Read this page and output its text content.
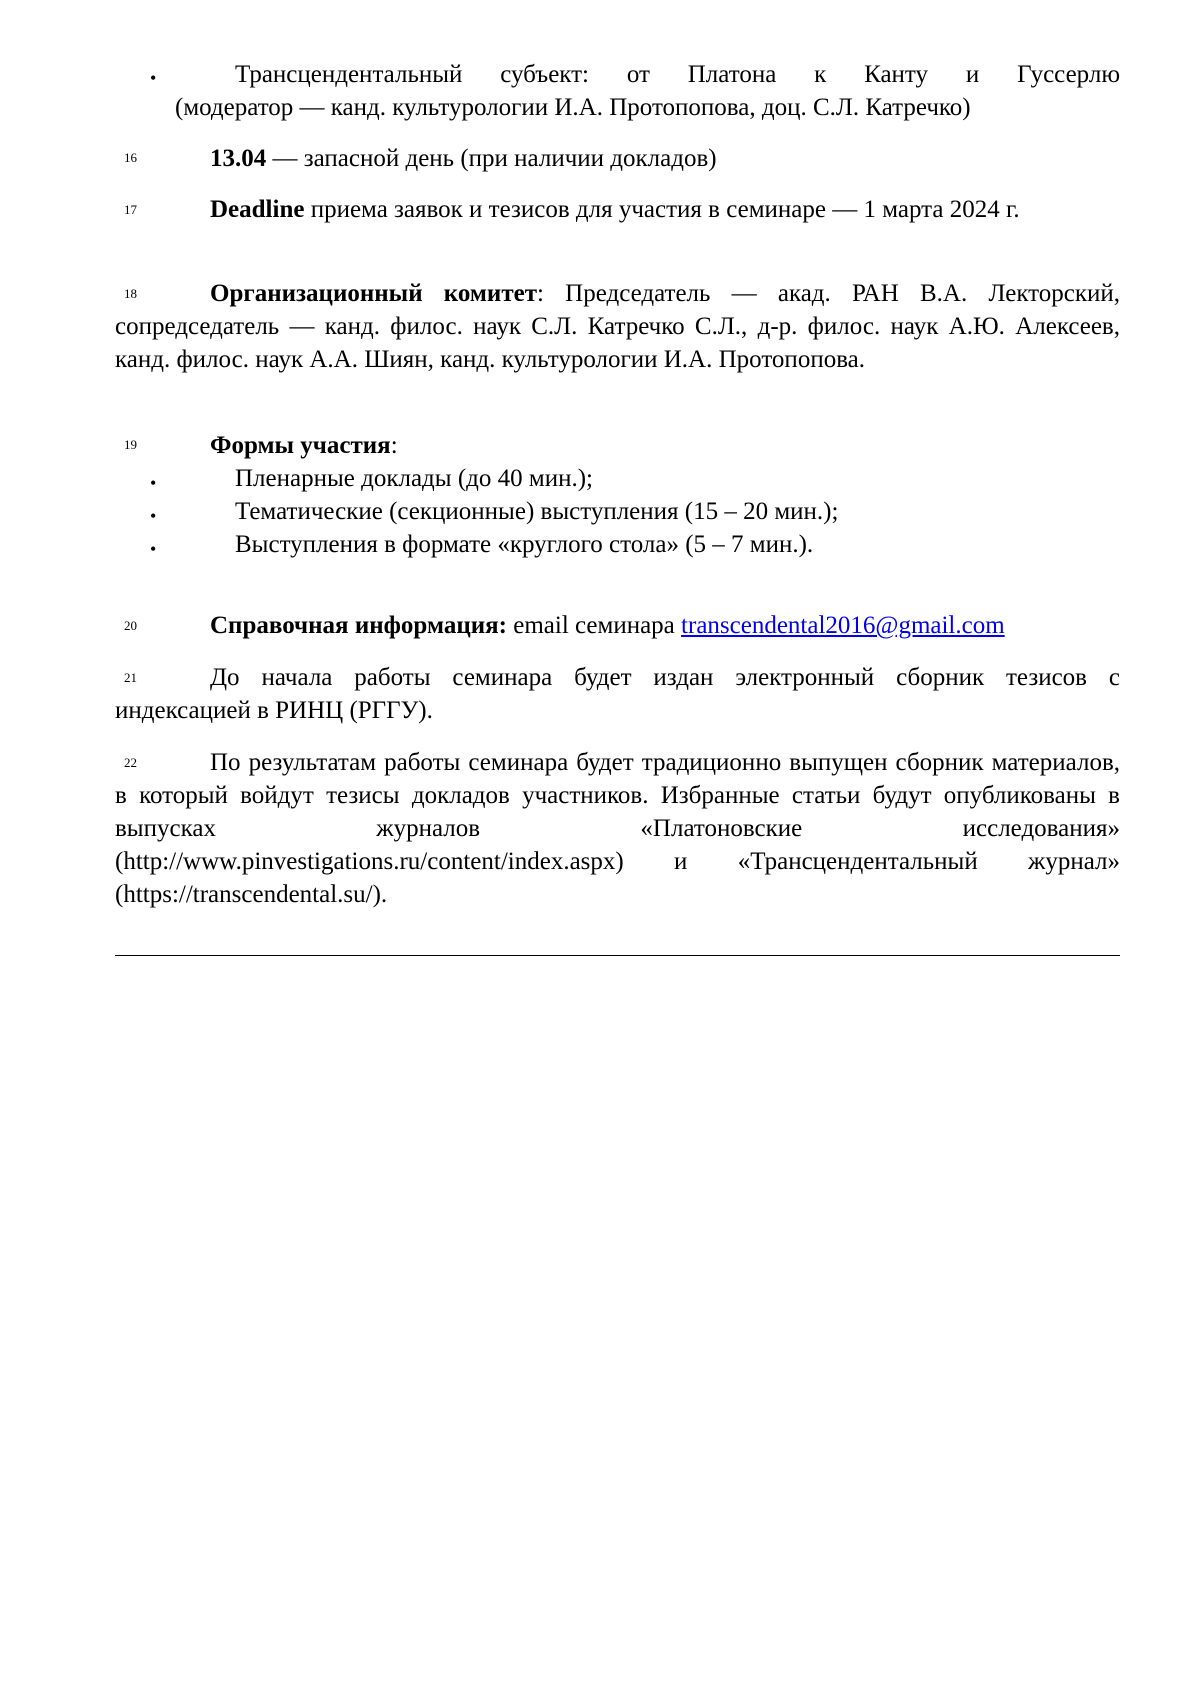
•	Трансцендентальный субъект: от Платона к Канту и Гуссерлю
(модератор — канд. культурологии И.А. Протопопова, доц. С.Л. Катречко)
16	13.04 — запасной день (при наличии докладов)

17	Deadline приема заявок и тезисов для участия в семинаре — 1 марта 2024 г.

18	Организационный комитет: Председатель — акад. РАН В.А. Лекторский, сопредседатель — канд. филос. наук С.Л. Катречко С.Л., д-р. филос. наук А.Ю. Алексеев, канд. филос. наук А.А. Шиян, канд. культурологии И.А. Протопопова.

19	Формы участия:

•	Пленарные доклады (до 40 мин.);
•	Тематические (секционные) выступления (15 – 20 мин.);
•	Выступления в формате «круглого стола» (5 – 7 мин.).
20	Справочная информация: email семинара transcendental2016@gmail.com

21	До начала работы семинара будет издан электронный сборник тезисов с индексацией в РИНЦ (РГГУ).

22	По результатам работы семинара будет традиционно выпущен сборник материалов, в который войдут тезисы докладов участников. Избранные статьи будут опубликованы в выпусках журналов «Платоновские исследования» (http://www.pinvestigations.ru/content/index.aspx) и «Трансцендентальный журнал» (https://transcendental.su/).
